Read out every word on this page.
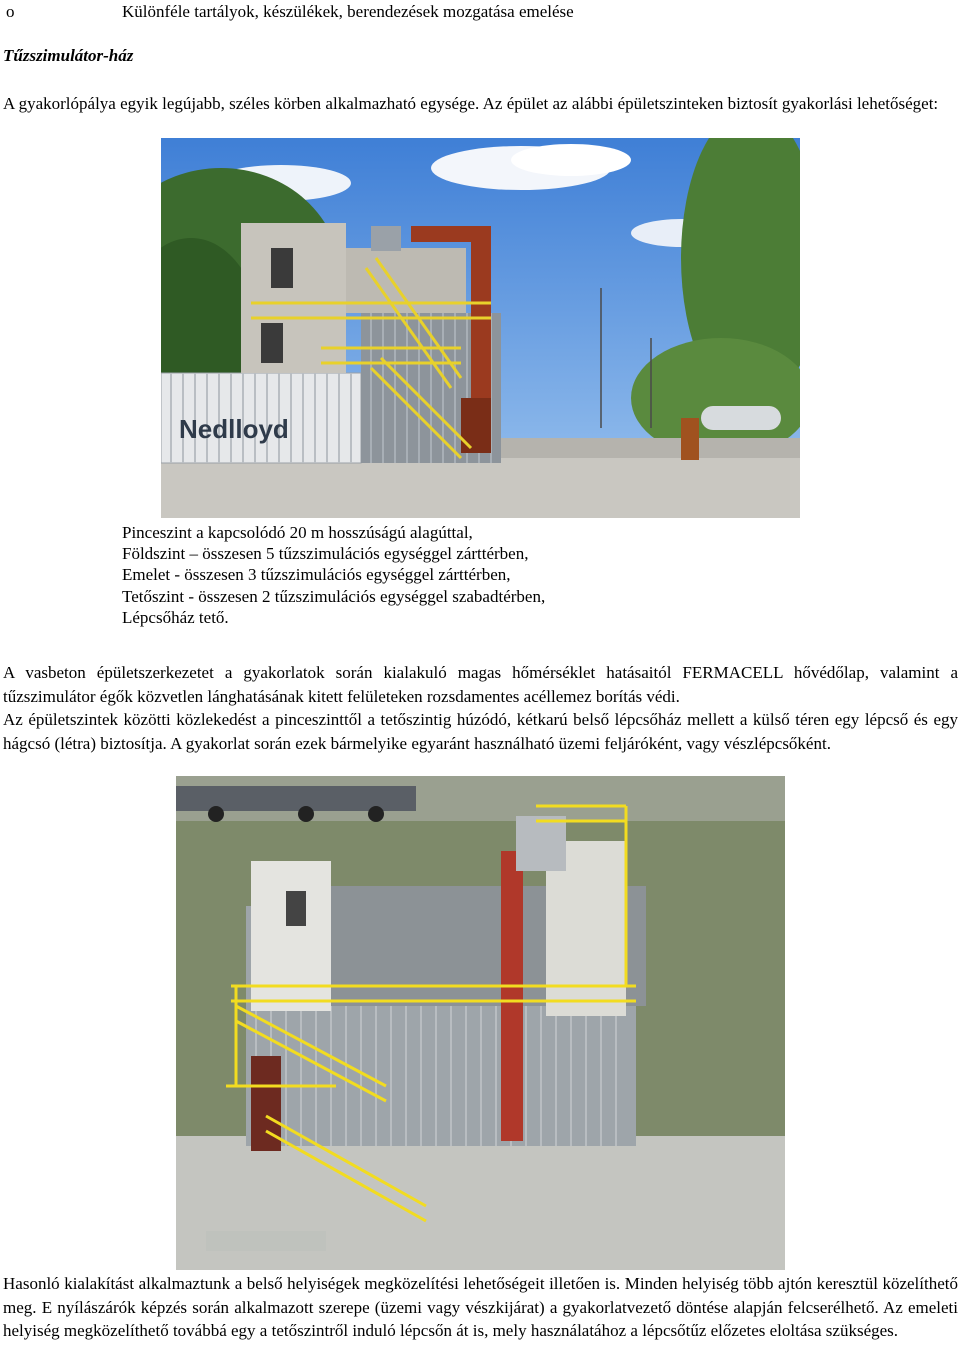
o	Különféle tartályok, készülékek, berendezések mozgatása emelése
Tűzszimulátor-ház
A gyakorlópálya egyik legújabb, széles körben alkalmazható egysége. Az épület az alábbi épületszinteken biztosít gyakorlási lehetőséget:
Nedlloyd
Pinceszint a kapcsolódó 20 m hosszúságú alagúttal,
Földszint – összesen 5 tűzszimulációs egységgel zárttérben,
Emelet - összesen 3 tűzszimulációs egységgel zárttérben,
Tetőszint - összesen 2 tűzszimulációs egységgel szabadtérben,
Lépcsőház tető.
A vasbeton épületszerkezetet a gyakorlatok során kialakuló magas hőmérséklet hatásaitól FERMACELL hővédőlap, valamint a tűzszimulátor égők közvetlen lánghatásának kitett felületeken rozsdamentes acéllemez borítás védi.
Az épületszintek közötti közlekedést a pinceszinttől a tetőszintig húzódó, kétkarú belső lépcsőház mellett a külső téren egy lépcső és egy hágcsó (létra) biztosítja. A gyakorlat során ezek bármelyike egyaránt használható üzemi feljáróként, vagy vészlépcsőként.
Hasonló kialakítást alkalmaztunk a belső helyiségek megközelítési lehetőségeit illetően is. Minden helyiség több ajtón keresztül közelíthető meg. E nyílászárók képzés során alkalmazott szerepe (üzemi vagy vészkijárat) a gyakorlatvezető döntése alapján felcserélhető. Az emeleti helyiség megközelíthető továbbá egy a tetőszintről induló lépcsőn át is, mely használatához a lépcsőtűz előzetes eloltása szükséges.
